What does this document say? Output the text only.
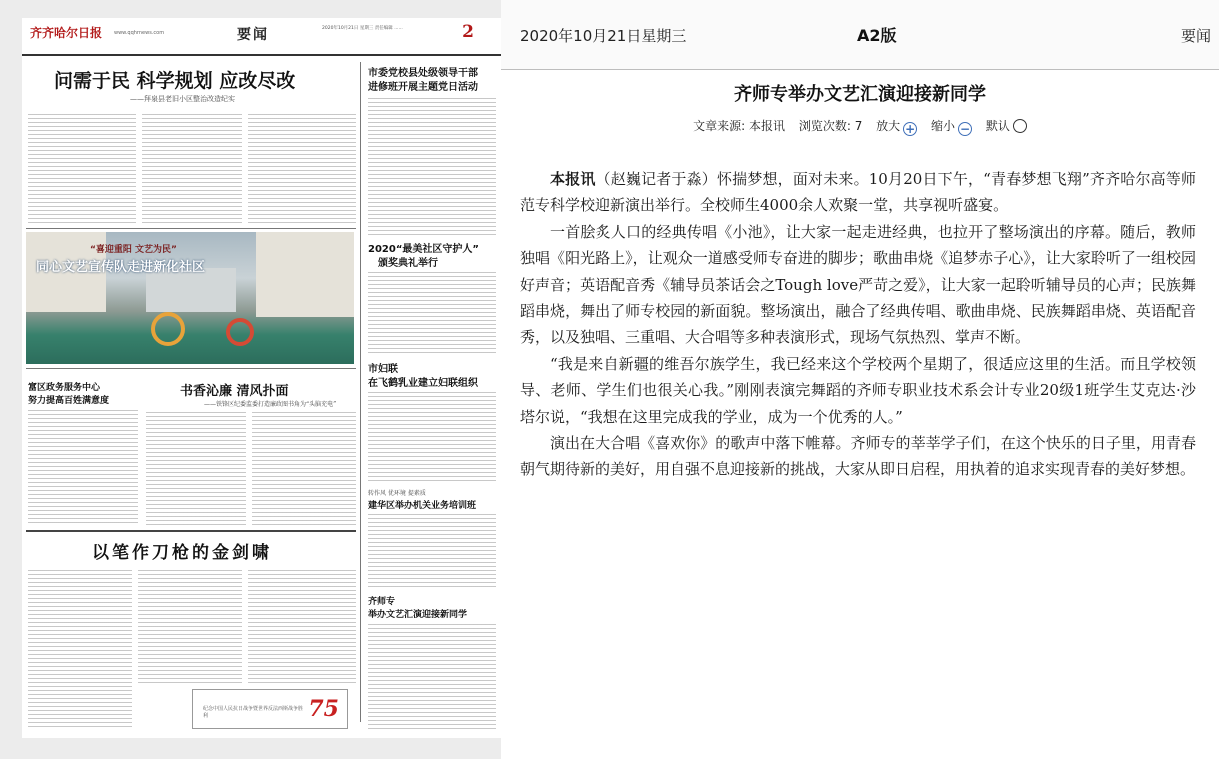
齐齐哈尔日报 www.qqhrnews.com	要闻	2020年10月21日 星期三 责任编辑 ......	2
问需于民 科学规划 应改尽改
——拜泉县老旧小区整治改造纪实
市委党校县处级领导干部
进修班开展主题党日活动
2020“最美社区守护人”
颁奖典礼举行
市妇联
在飞鹤乳业建立妇联组织
转作风 优环境 提素质
建华区举办机关业务培训班
齐师专
举办文艺汇演迎接新同学
“喜迎重阳 文艺为民”
同心文艺宣传队走进新化社区
富区政务服务中心
努力提高百姓满意度
书香沁廉 清风扑面
——铁锋区纪委监委打造廉政图书角为“头脑充电”
以笔作刀枪的金剑啸
纪念中国人民抗日战争暨世界反法西斯战争胜利	75
2020年10月21日星期三	A2版	要闻
齐师专举办文艺汇演迎接新同学
文章来源: 本报讯 浏览次数: 7 放大 + 缩小 − 默认

本报讯（赵巍记者于淼）怀揣梦想，面对未来。10月20日下午，“青春梦想飞翔”齐齐哈尔高等师范专科学校迎新演出举行。全校师生4000余人欢聚一堂，共享视听盛宴。

一首脍炙人口的经典传唱《小池》，让大家一起走进经典，也拉开了整场演出的序幕。随后，教师独唱《阳光路上》，让观众一道感受师专奋进的脚步；歌曲串烧《追梦赤子心》，让大家聆听了一组校园好声音；英语配音秀《辅导员茶话会之Tough love严苛之爱》，让大家一起聆听辅导员的心声；民族舞蹈串烧，舞出了师专校园的新面貌。整场演出，融合了经典传唱、歌曲串烧、民族舞蹈串烧、英语配音秀，以及独唱、三重唱、大合唱等多种表演形式，现场气氛热烈、掌声不断。

“我是来自新疆的维吾尔族学生，我已经来这个学校两个星期了，很适应这里的生活。而且学校领导、老师、学生们也很关心我。”刚刚表演完舞蹈的齐师专职业技术系会计专业20级1班学生艾克达·沙塔尔说，“我想在这里完成我的学业，成为一个优秀的人。”

演出在大合唱《喜欢你》的歌声中落下帷幕。齐师专的莘莘学子们，在这个快乐的日子里，用青春朝气期待新的美好，用自强不息迎接新的挑战，大家从即日启程，用执着的追求实现青春的美好梦想。
